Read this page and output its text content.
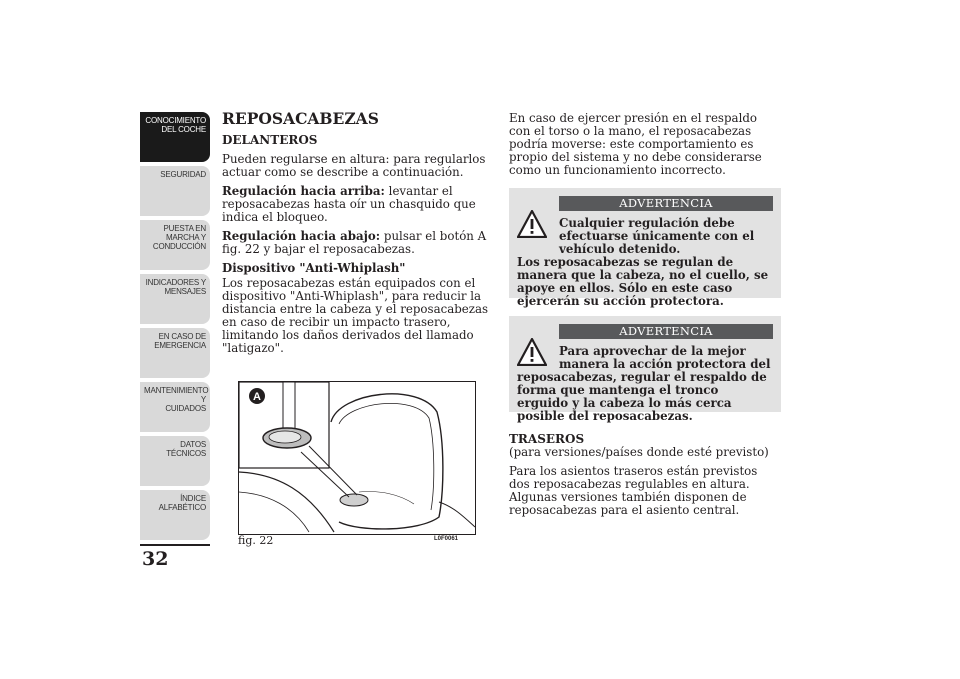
CONOCIMIENTO
DEL COCHE
SEGURIDAD
PUESTA EN
MARCHA Y
CONDUCCIÓN
INDICADORES Y
MENSAJES
EN CASO DE
EMERGENCIA
MANTENIMIENTO Y
CUIDADOS
DATOS TÉCNICOS
ÍNDICE
ALFABÉTICO
32
REPOSACABEZAS
DELANTEROS

Pueden regularse en altura: para regularlos actuar como se describe a continuación.

Regulación hacia arriba: levantar el reposacabezas hasta oír un chasquido que indica el bloqueo.

Regulación hacia abajo: pulsar el botón A fig. 22 y bajar el reposacabezas.

Dispositivo "Anti-Whiplash"

Los reposacabezas están equipados con el dispositivo "Anti-Whiplash", para reducir la distancia entre la cabeza y el reposacabezas en caso de recibir un impacto trasero, limitando los daños derivados del llamado "latigazo".

A
fig. 22	L0F0061

En caso de ejercer presión en el respaldo con el torso o la mano, el reposacabezas podría moverse: este comportamiento es propio del sistema y no debe considerarse como un funcionamiento incorrecto.

ADVERTENCIA
Cualquier regulación debe efectuarse únicamente con el vehículo detenido.
Los reposacabezas se regulan de manera que la cabeza, no el cuello, se apoye en ellos. Sólo en este caso ejercerán su acción protectora.
ADVERTENCIA
Para aprovechar de la mejor manera la acción protectora del
reposacabezas, regular el respaldo de forma que mantenga el tronco erguido y la cabeza lo más cerca posible del reposacabezas.
TRASEROS

(para versiones/países donde esté previsto)

Para los asientos traseros están previstos dos reposacabezas regulables en altura. Algunas versiones también disponen de reposacabezas para el asiento central.
